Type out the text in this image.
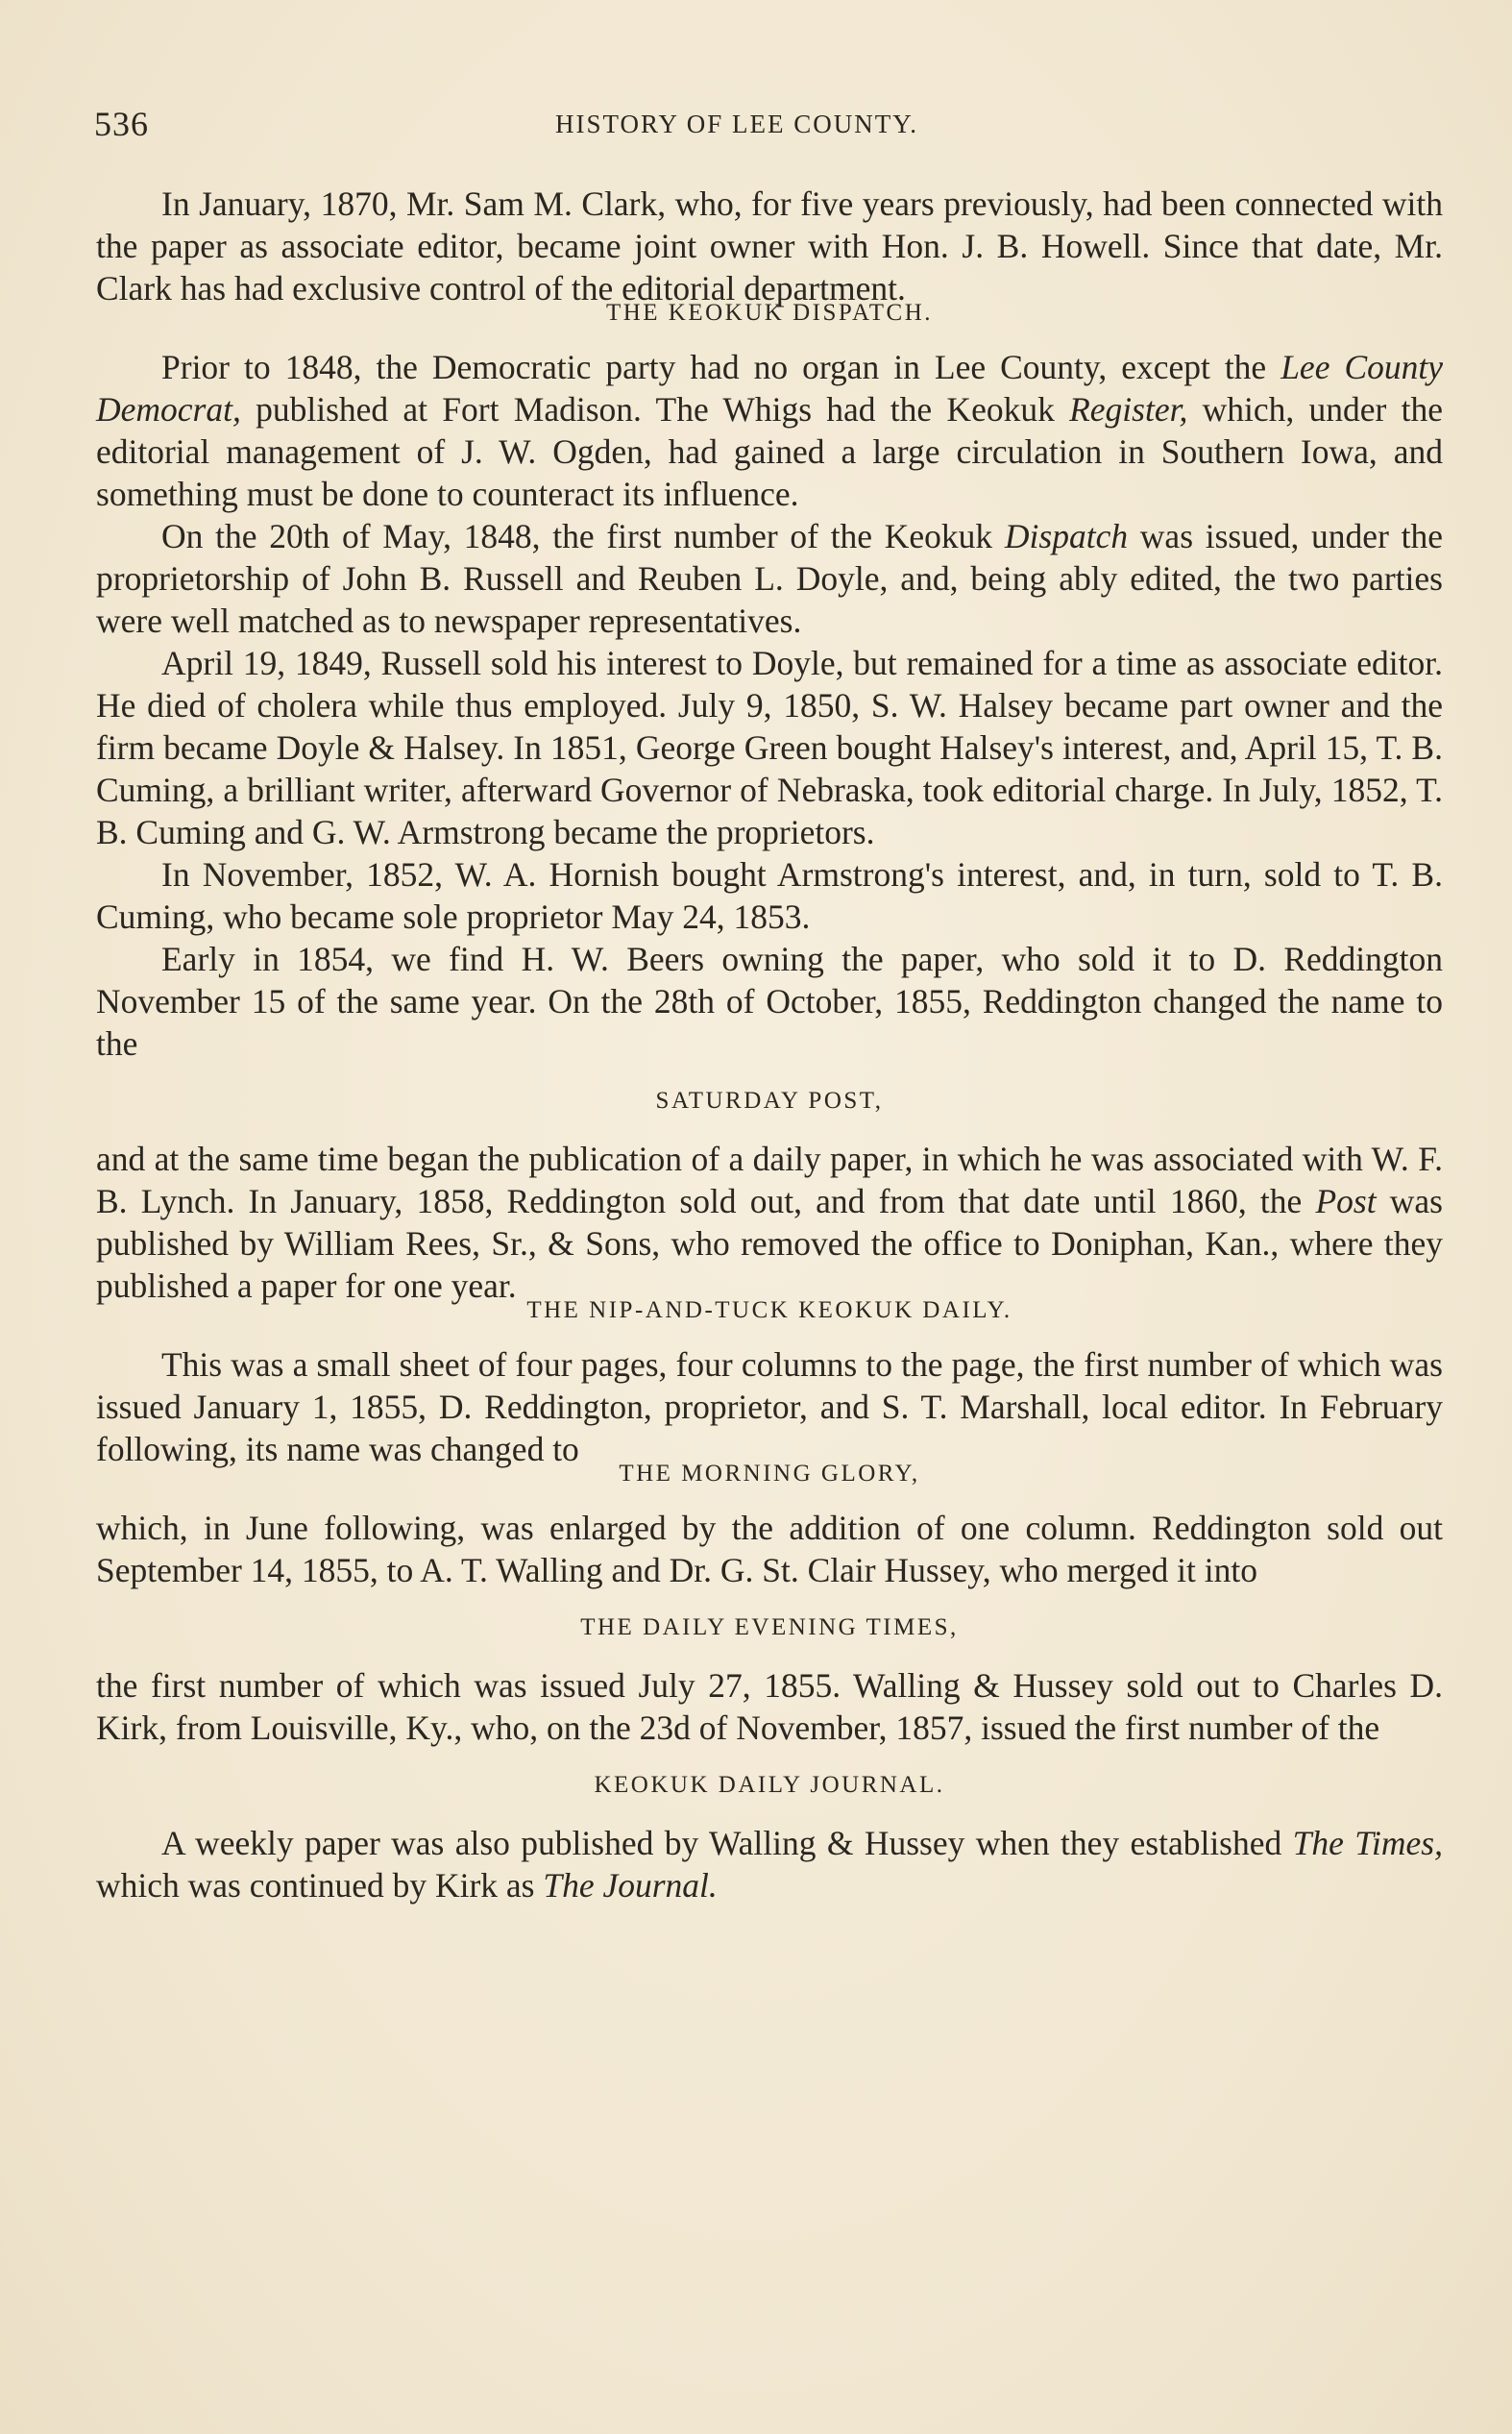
536	HISTORY OF LEE COUNTY.

In January, 1870, Mr. Sam M. Clark, who, for five years previously, had been connected with the paper as associate editor, became joint owner with Hon. J. B. Howell. Since that date, Mr. Clark has had exclusive control of the editorial department.

THE KEOKUK DISPATCH.

Prior to 1848, the Democratic party had no organ in Lee County, except the Lee County Democrat, published at Fort Madison. The Whigs had the Keokuk Register, which, under the editorial management of J. W. Ogden, had gained a large circulation in Southern Iowa, and something must be done to counteract its influence.

On the 20th of May, 1848, the first number of the Keokuk Dispatch was issued, under the proprietorship of John B. Russell and Reuben L. Doyle, and, being ably edited, the two parties were well matched as to newspaper representatives.

April 19, 1849, Russell sold his interest to Doyle, but remained for a time as associate editor. He died of cholera while thus employed. July 9, 1850, S. W. Halsey became part owner and the firm became Doyle & Halsey. In 1851, George Green bought Halsey's interest, and, April 15, T. B. Cuming, a brilliant writer, afterward Governor of Nebraska, took editorial charge. In July, 1852, T. B. Cuming and G. W. Armstrong became the proprietors.

In November, 1852, W. A. Hornish bought Armstrong's interest, and, in turn, sold to T. B. Cuming, who became sole proprietor May 24, 1853.

Early in 1854, we find H. W. Beers owning the paper, who sold it to D. Reddington November 15 of the same year. On the 28th of October, 1855, Reddington changed the name to the

SATURDAY POST,

and at the same time began the publication of a daily paper, in which he was associated with W. F. B. Lynch. In January, 1858, Reddington sold out, and from that date until 1860, the Post was published by William Rees, Sr., & Sons, who removed the office to Doniphan, Kan., where they published a paper for one year.

THE NIP-AND-TUCK KEOKUK DAILY.

This was a small sheet of four pages, four columns to the page, the first number of which was issued January 1, 1855, D. Reddington, proprietor, and S. T. Marshall, local editor. In February following, its name was changed to

THE MORNING GLORY,

which, in June following, was enlarged by the addition of one column. Reddington sold out September 14, 1855, to A. T. Walling and Dr. G. St. Clair Hussey, who merged it into

THE DAILY EVENING TIMES,

the first number of which was issued July 27, 1855. Walling & Hussey sold out to Charles D. Kirk, from Louisville, Ky., who, on the 23d of November, 1857, issued the first number of the

KEOKUK DAILY JOURNAL.

A weekly paper was also published by Walling & Hussey when they established The Times, which was continued by Kirk as The Journal.
